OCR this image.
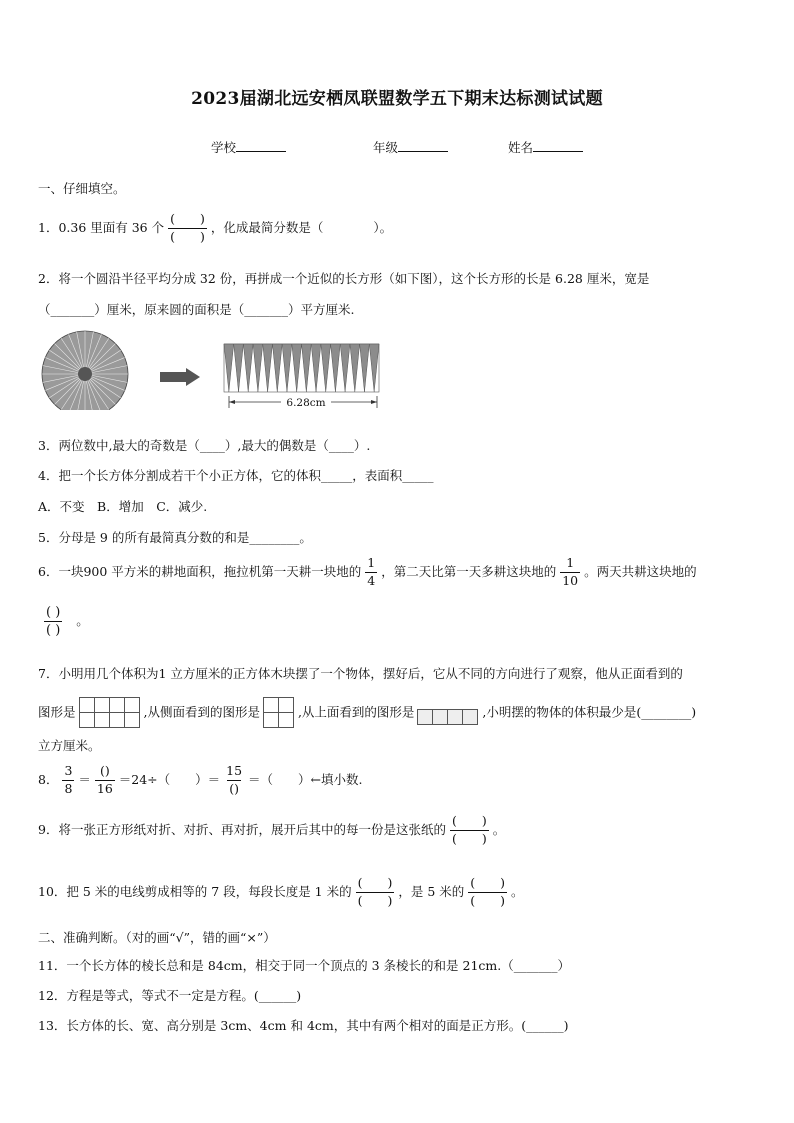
2023届湖北远安栖凤联盟数学五下期末达标测试试题
学校	年级	姓名
一、仔细填空。
1．0.36 里面有 36 个 $\frac{( )}{( )}$ ，化成最简分数是（　　　　）。
2．将一个圆沿半径平均分成 32 份，再拼成一个近似的长方形（如下图），这个长方形的长是 6.28 厘米，宽是
（_______）厘米，原来圆的面积是（_______）平方厘米.
6.28cm
3．两位数中,最大的奇数是（____）,最大的偶数是（____）.
4．把一个长方体分割成若干个小正方体，它的体积_____，表面积_____
A．不变　B．增加　C．减少.
5．分母是 9 的所有最简真分数的和是________。
6．一块900 平方米的耕地面积，拖拉机第一天耕一块地的 $\frac{1}{4}$ ，第二天比第一天多耕这块地的 $\frac{1}{10}$ 。两天共耕这块地的
$\frac{( )}{( )}$ 。
7．小明用几个体积为1 立方厘米的正方体木块摆了一个物体，摆好后，它从不同的方向进行了观察，他从正面看到的
图形是	,从侧面看到的图形是	,从上面看到的图形是	,小明摆的物体的体积最少是(________)
立方厘米。
8． $\frac{3}{8} = \frac{()}{16} =24\div$（　　）＝ $\frac{15}{()}$ ＝（　　）←填小数.
9．将一张正方形纸对折、对折、再对折，展开后其中的每一份是这张纸的 $\frac{( )}{( )}$ 。
10．把 5 米的电线剪成相等的 7 段，每段长度是 1 米的 $\frac{( )}{( )}$ ，是 5 米的 $\frac{( )}{( )}$ 。
二、准确判断。（对的画“√”，错的画“×”）
11．一个长方体的棱长总和是 84cm，相交于同一个顶点的 3 条棱长的和是 21cm.（_______）
12．方程是等式，等式不一定是方程。(______)
13．长方体的长、宽、高分别是 3cm、4cm 和 4cm，其中有两个相对的面是正方形。(______)
